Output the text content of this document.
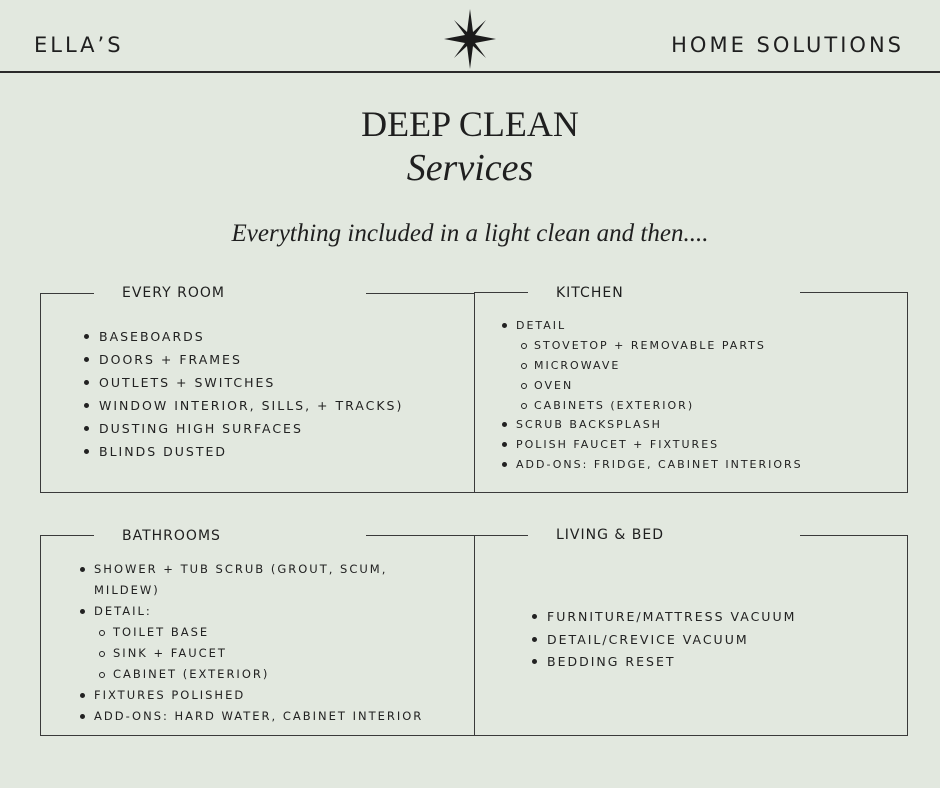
ELLA’S	HOME SOLUTIONS
DEEP CLEAN
Services
Everything included in a light clean and then....
EVERY ROOM
BASEBOARDS
DOORS + FRAMES
OUTLETS + SWITCHES
WINDOW INTERIOR, SILLS, + TRACKS)
DUSTING HIGH SURFACES
BLINDS DUSTED
KITCHEN
DETAIL
STOVETOP + REMOVABLE PARTS
MICROWAVE
OVEN
CABINETS (EXTERIOR)
SCRUB BACKSPLASH
POLISH FAUCET + FIXTURES
ADD-ONS: FRIDGE, CABINET INTERIORS
BATHROOMS
SHOWER + TUB SCRUB (GROUT, SCUM, MILDEW)
DETAIL:
TOILET BASE
SINK + FAUCET
CABINET (EXTERIOR)
FIXTURES POLISHED
ADD-ONS: HARD WATER, CABINET INTERIOR
LIVING & BED
FURNITURE/MATTRESS VACUUM
DETAIL/CREVICE VACUUM
BEDDING RESET
